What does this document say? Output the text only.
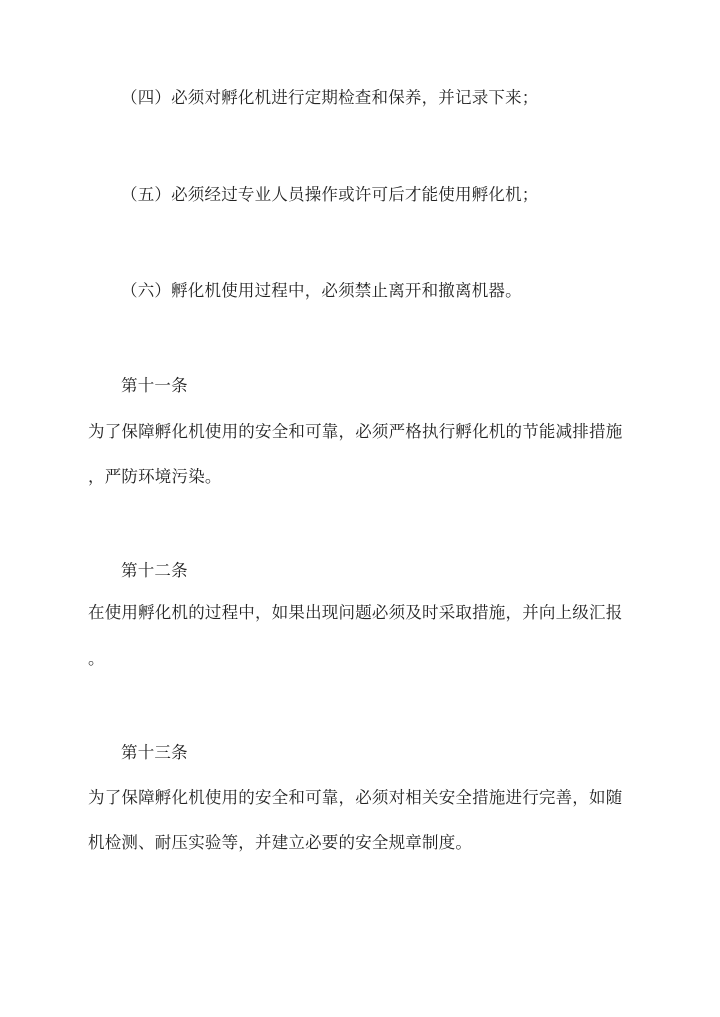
（四）必须对孵化机进行定期检查和保养，并记录下来；
（五）必须经过专业人员操作或许可后才能使用孵化机；
（六）孵化机使用过程中，必须禁止离开和撤离机器。
第十一条
为了保障孵化机使用的安全和可靠，必须严格执行孵化机的节能减排措施
，严防环境污染。
第十二条
在使用孵化机的过程中，如果出现问题必须及时采取措施，并向上级汇报
。
第十三条
为了保障孵化机使用的安全和可靠，必须对相关安全措施进行完善，如随
机检测、耐压实验等，并建立必要的安全规章制度。
